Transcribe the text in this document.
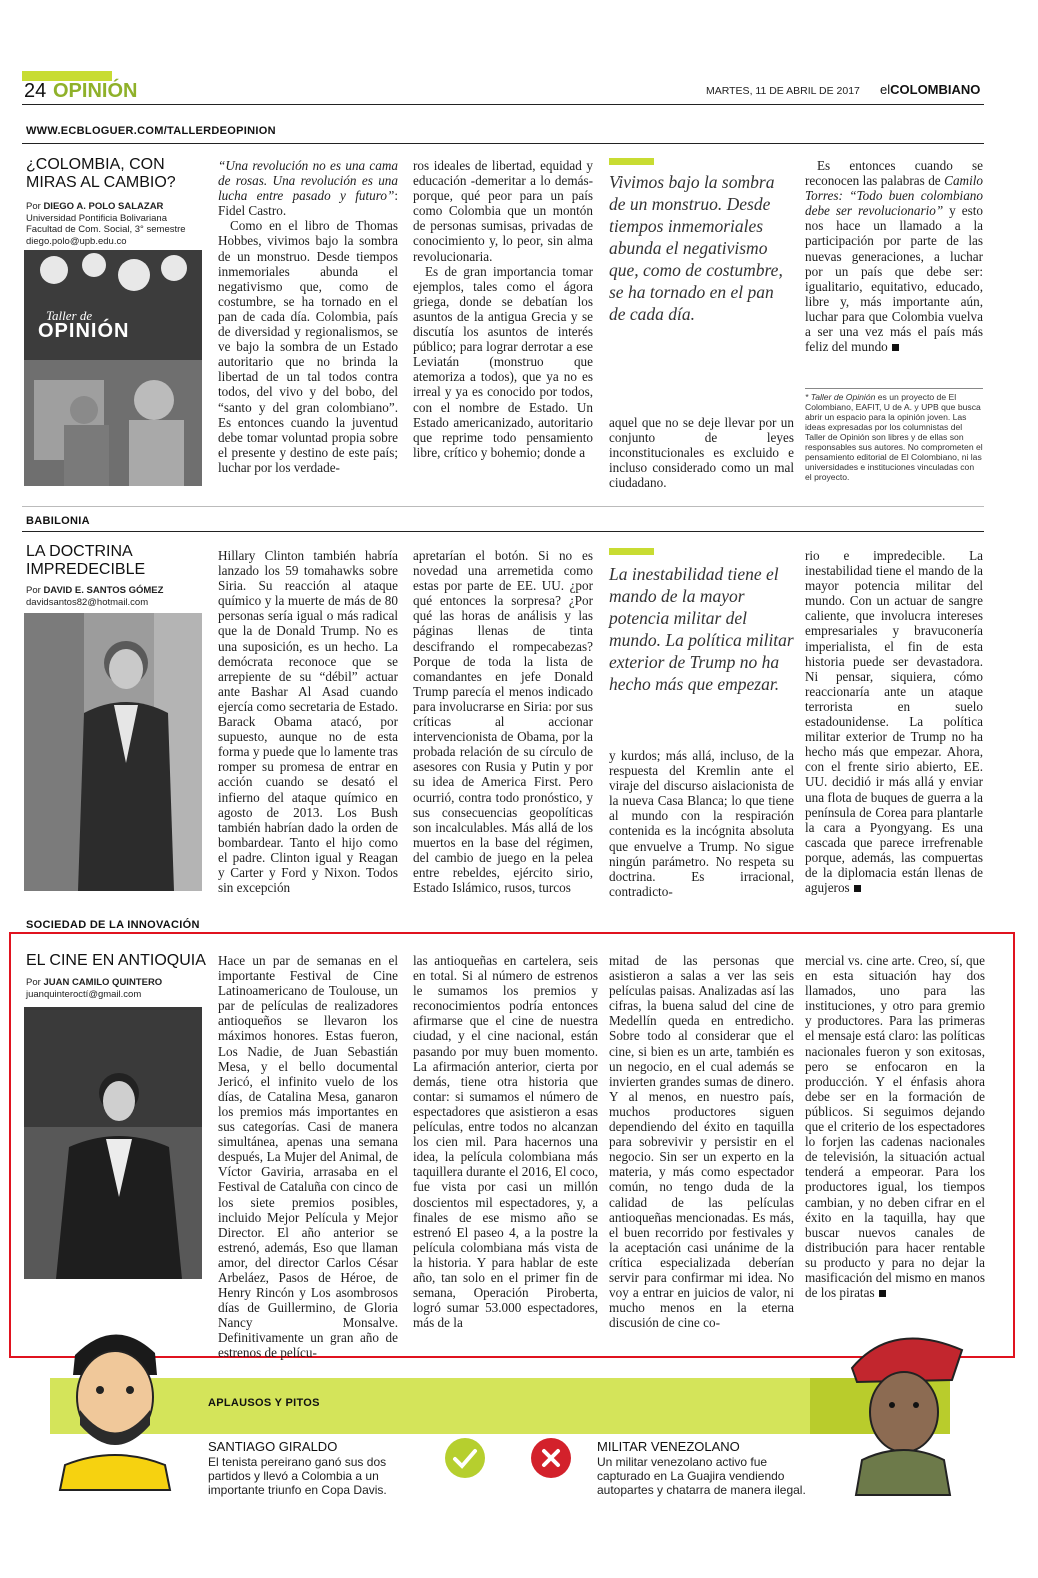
24 OPINIÓN	MARTES, 11 DE ABRIL DE 2017 elCOLOMBIANO
WWW.ECBLOGUER.COM/TALLERDEOPINION
¿COLOMBIA, CON MIRAS AL CAMBIO?
Por DIEGO A. POLO SALAZAR
Universidad Pontificia Bolivariana
Facultad de Com. Social, 3° semestre
diego.polo@upb.edu.co
Taller de
OPINIÓN

“Una revolución no es una cama de rosas. Una revolución es una lucha entre pasado y futuro”: Fidel Castro.

Como en el libro de Thomas Hobbes, vivimos bajo la sombra de un monstruo. Desde tiempos inmemoriales abunda el negativismo que, como de costumbre, se ha tornado en el pan de cada día. Colombia, país de diversidad y regionalismos, se ve bajo la sombra de un Estado autoritario que no brinda la libertad de un tal todos contra todos, del vivo y del bobo, del “santo y del gran colombiano”. Es entonces cuando la juventud debe tomar voluntad propia sobre el presente y destino de este país; luchar por los verdade-

ros ideales de libertad, equidad y educación -demeritar a lo demás- porque, qué peor para un país como Colombia que un montón de personas sumisas, privadas de conocimiento y, lo peor, sin alma revolucionaria.

Es de gran importancia tomar ejemplos, tales como el ágora griega, donde se debatían los asuntos de la antigua Grecia y se discutía los asuntos de interés público; para lograr derrotar a ese Leviatán (monstruo que atemoriza a todos), que ya no es irreal y ya es conocido por todos, con el nombre de Estado. Un Estado americanizado, autoritario que reprime todo pensamiento libre, crítico y bohemio; donde a

Vivimos bajo la sombra de un monstruo. Desde tiempos inmemoriales abunda el negativismo que, como de costumbre, se ha tornado en el pan de cada día.

aquel que no se deje llevar por un conjunto de leyes inconstitucionales es excluido e incluso considerado como un mal ciudadano.

Es entonces cuando se reconocen las palabras de Camilo Torres: “Todo buen colombiano debe ser revolucionario” y esto nos hace un llamado a la participación por parte de las nuevas generaciones, a luchar por un país que debe ser: igualitario, equitativo, educado, libre y, más importante aún, luchar para que Colombia vuelva a ser una vez más el país más feliz del mundo

* Taller de Opinión es un proyecto de El Colombiano, EAFIT, U de A. y UPB que busca abrir un espacio para la opinión joven. Las ideas expresadas por los columnistas del Taller de Opinión son libres y de ellas son responsables sus autores. No comprometen el pensamiento editorial de El Colombiano, ni las universidades e instituciones vinculadas con el proyecto.
BABILONIA
LA DOCTRINA IMPREDECIBLE
Por DAVID E. SANTOS GÓMEZ
davidsantos82@hotmail.com

Hillary Clinton también habría lanzado los 59 tomahawks sobre Siria. Su reacción al ataque químico y la muerte de más de 80 personas sería igual o más radical que la de Donald Trump. No es una suposición, es un hecho. La demócrata reconoce que se arrepiente de su “débil” actuar ante Bashar Al Asad cuando ejercía como secretaria de Estado. Barack Obama atacó, por supuesto, aunque no de esta forma y puede que lo lamente tras romper su promesa de entrar en acción cuando se desató el infierno del ataque químico en agosto de 2013. Los Bush también habrían dado la orden de bombardear. Tanto el hijo como el padre. Clinton igual y Reagan y Carter y Ford y Nixon. Todos sin excepción

apretarían el botón. Si no es novedad una arremetida como estas por parte de EE. UU. ¿por qué entonces la sorpresa? ¿Por qué las horas de análisis y las páginas llenas de tinta descifrando el rompecabezas? Porque de toda la lista de comandantes en jefe Donald Trump parecía el menos indicado para involucrarse en Siria: por sus críticas al accionar intervencionista de Obama, por la probada relación de su círculo de asesores con Rusia y Putin y por su idea de America First. Pero ocurrió, contra todo pronóstico, y sus consecuencias geopolíticas son incalculables. Más allá de los muertos en la base del régimen, del cambio de juego en la pelea entre rebeldes, ejército sirio, Estado Islámico, rusos, turcos

La inestabilidad tiene el mando de la mayor potencia militar del mundo. La política militar exterior de Trump no ha hecho más que empezar.

y kurdos; más allá, incluso, de la respuesta del Kremlin ante el viraje del discurso aislacionista de la nueva Casa Blanca; lo que tiene al mundo con la respiración contenida es la incógnita absoluta que envuelve a Trump. No sigue ningún parámetro. No respeta su doctrina. Es irracional, contradicto-

rio e impredecible. La inestabilidad tiene el mando de la mayor potencia militar del mundo. Con un actuar de sangre caliente, que involucra intereses empresariales y bravuconería imperialista, el fin de esta historia puede ser devastadora. Ni pensar, siquiera, cómo reaccionaría ante un ataque terrorista en suelo estadounidense. La política militar exterior de Trump no ha hecho más que empezar. Ahora, con el frente sirio abierto, EE. UU. decidió ir más allá y enviar una flota de buques de guerra a la península de Corea para plantarle la cara a Pyongyang. Es una cascada que parece irrefrenable porque, además, las compuertas de la diplomacia están llenas de agujeros

SOCIEDAD DE LA INNOVACIÓN
EL CINE EN ANTIOQUIA
Por JUAN CAMILO QUINTERO
juanquinteroctí@gmail.com

Hace un par de semanas en el importante Festival de Cine Latinoamericano de Toulouse, un par de películas de realizadores antioqueños se llevaron los máximos honores. Estas fueron, Los Nadie, de Juan Sebastián Mesa, y el bello documental Jericó, el infinito vuelo de los días, de Catalina Mesa, ganaron los premios más importantes en sus categorías. Casi de manera simultánea, apenas una semana después, La Mujer del Animal, de Víctor Gaviria, arrasaba en el Festival de Cataluña con cinco de los siete premios posibles, incluido Mejor Película y Mejor Director. El año anterior se estrenó, además, Eso que llaman amor, del director Carlos César Arbeláez, Pasos de Héroe, de Henry Rincón y Los asombrosos días de Guillermino, de Gloria Nancy Monsalve. Definitivamente un gran año de estrenos de pelícu-

las antioqueñas en cartelera, seis en total. Si al número de estrenos le sumamos los premios y reconocimientos podría entonces afirmarse que el cine de nuestra ciudad, y el cine nacional, están pasando por muy buen momento. La afirmación anterior, cierta por demás, tiene otra historia que contar: si sumamos el número de espectadores que asistieron a esas películas, entre todos no alcanzan los cien mil. Para hacernos una idea, la película colombiana más taquillera durante el 2016, El coco, fue vista por casi un millón doscientos mil espectadores, y, a finales de ese mismo año se estrenó El paseo 4, a la postre la película colombiana más vista de la historia. Y para hablar de este año, tan solo en el primer fin de semana, Operación Piroberta, logró sumar 53.000 espectadores, más de la

mitad de las personas que asistieron a salas a ver las seis películas paisas. Analizadas así las cifras, la buena salud del cine de Medellín queda en entredicho. Sobre todo al considerar que el cine, si bien es un arte, también es un negocio, en el cual además se invierten grandes sumas de dinero. Y al menos, en nuestro país, muchos productores siguen dependiendo del éxito en taquilla para sobrevivir y persistir en el negocio. Sin ser un experto en la materia, y más como espectador común, no tengo duda de la calidad de las películas antioqueñas mencionadas. Es más, el buen recorrido por festivales y la aceptación casi unánime de la crítica especializada deberían servir para confirmar mi idea. No voy a entrar en juicios de valor, ni mucho menos en la eterna discusión de cine co-

mercial vs. cine arte. Creo, sí, que en esta situación hay dos llamados, uno para las instituciones, y otro para gremio y productores. Para las primeras el mensaje está claro: las políticas nacionales fueron y son exitosas, pero se enfocaron en la producción. Y el énfasis ahora debe ser en la formación de públicos. Si seguimos dejando que el criterio de los espectadores lo forjen las cadenas nacionales de televisión, la situación actual tenderá a empeorar. Para los productores igual, los tiempos cambian, y no deben cifrar en el éxito en la taquilla, hay que buscar nuevos canales de distribución para hacer rentable su producto y para no dejar la masificación del mismo en manos de los piratas

APLAUSOS Y PITOS
SANTIAGO GIRALDO
El tenista pereirano ganó sus dos partidos y llevó a Colombia a un importante triunfo en Copa Davis.
MILITAR VENEZOLANO
Un militar venezolano activo fue capturado en La Guajira vendiendo autopartes y chatarra de manera ilegal.
